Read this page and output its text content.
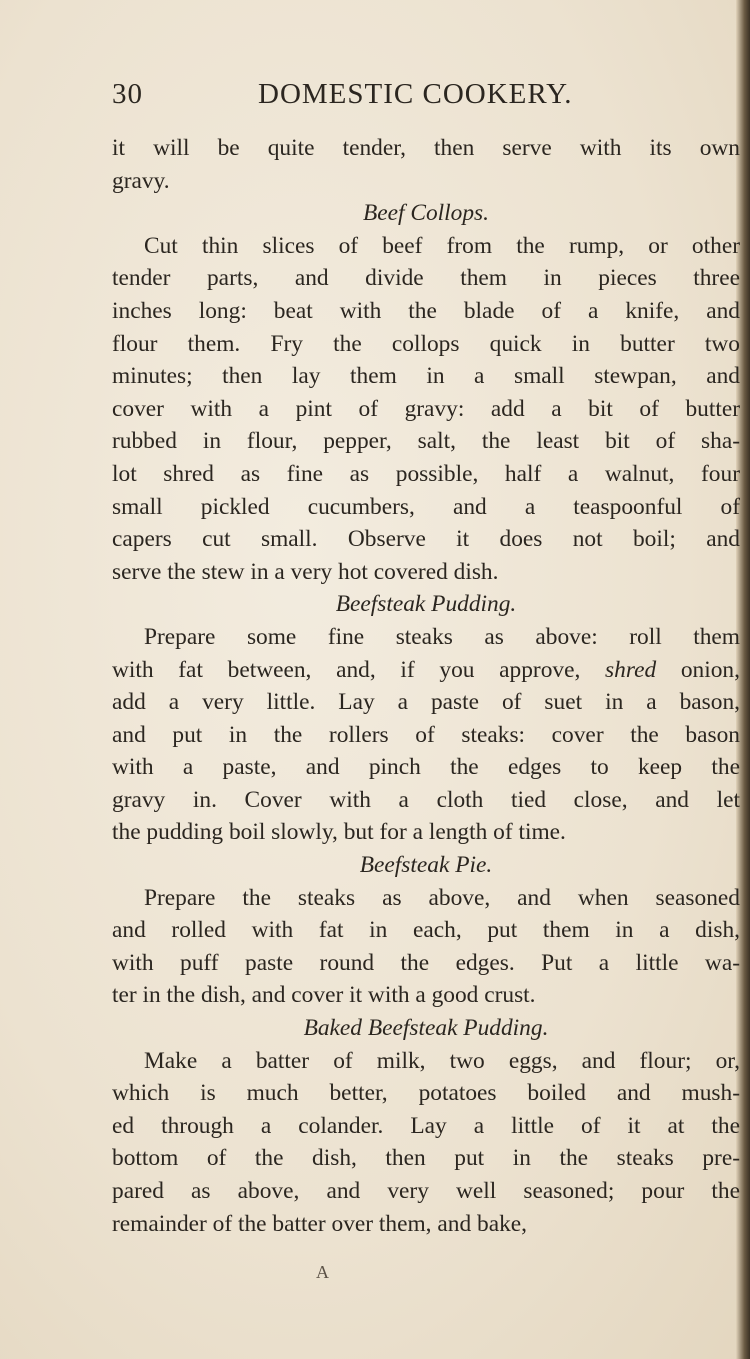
30	DOMESTIC COOKERY.
it will be quite tender, then serve with its own
gravy.
Beef Collops.
Cut thin slices of beef from the rump, or other
tender parts, and divide them in pieces three
inches long: beat with the blade of a knife, and
flour them. Fry the collops quick in butter two
minutes; then lay them in a small stewpan, and
cover with a pint of gravy: add a bit of butter
rubbed in flour, pepper, salt, the least bit of sha-
lot shred as fine as possible, half a walnut, four
small pickled cucumbers, and a teaspoonful of
capers cut small. Observe it does not boil; and
serve the stew in a very hot covered dish.
Beefsteak Pudding.
Prepare some fine steaks as above: roll them
with fat between, and, if you approve, shred onion,
add a very little. Lay a paste of suet in a bason,
and put in the rollers of steaks: cover the bason
with a paste, and pinch the edges to keep the
gravy in. Cover with a cloth tied close, and let
the pudding boil slowly, but for a length of time.
Beefsteak Pie.
Prepare the steaks as above, and when seasoned
and rolled with fat in each, put them in a dish,
with puff paste round the edges. Put a little wa-
ter in the dish, and cover it with a good crust.
Baked Beefsteak Pudding.
Make a batter of milk, two eggs, and flour; or,
which is much better, potatoes boiled and mush-
ed through a colander. Lay a little of it at the
bottom of the dish, then put in the steaks pre-
pared as above, and very well seasoned; pour the
remainder of the batter over them, and bake,
A
